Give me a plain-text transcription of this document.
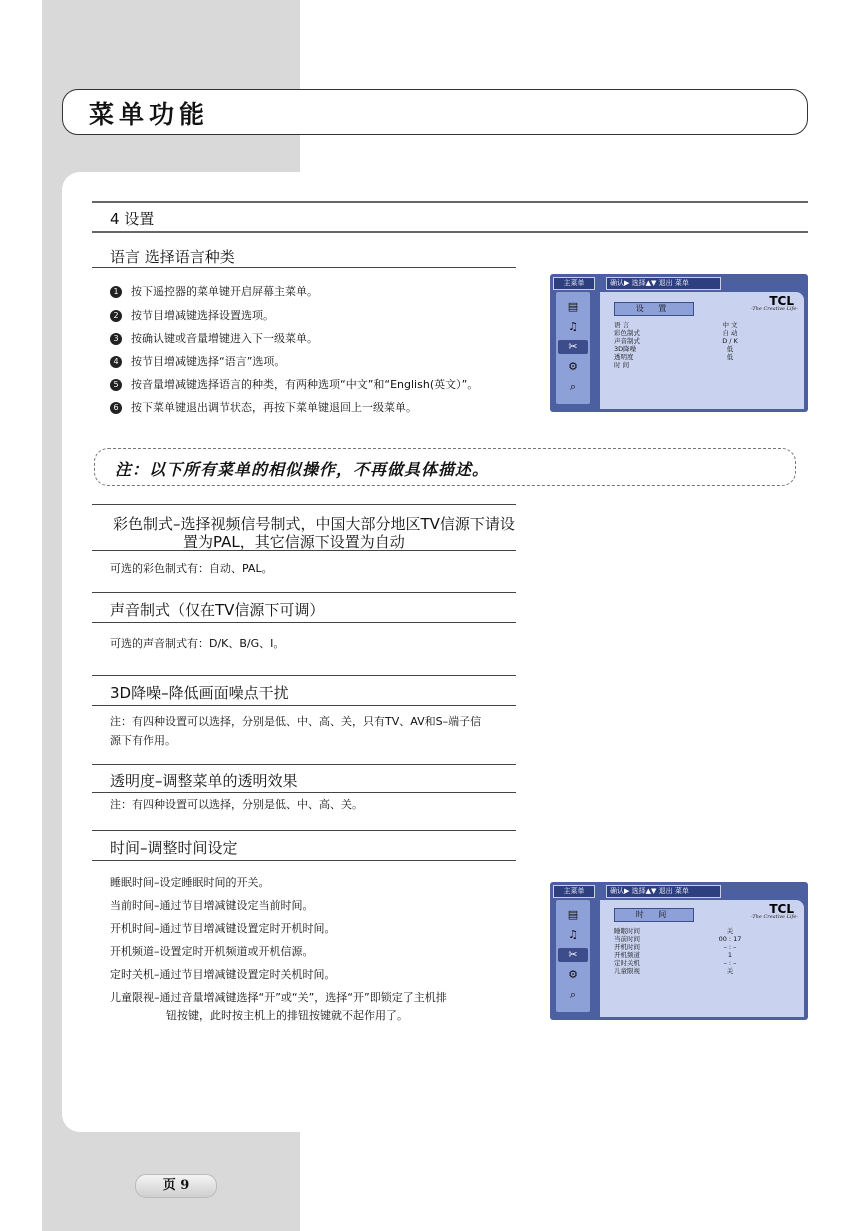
菜单功能
4 设置
语言 选择语言种类
1 按下遥控器的菜单键开启屏幕主菜单。
2 按节目增减键选择设置选项。
3 按确认键或音量增键进入下一级菜单。
4 按节目增减键选择“语言”选项。
5 按音量增减键选择语言的种类，有两种选项“中文”和“English(英文）”。
6 按下菜单键退出调节状态，再按下菜单键退回上一级菜单。
主菜单	确认▶ 选择▲▼ 退出 菜单
▤
♫
✂
⚙
⌕
TCL
-The Creative Life-
设 置
语 言	中 文
彩色制式	自 动
声音制式	D / K
3D降噪	低
透明度	低
时 间
注：以下所有菜单的相似操作，不再做具体描述。
彩色制式–选择视频信号制式，中国大部分地区TV信源下请设
置为PAL，其它信源下设置为自动
可选的彩色制式有：自动、PAL。
声音制式（仅在TV信源下可调）
可选的声音制式有：D/K、B/G、I。
3D降噪–降低画面噪点干扰
注：有四种设置可以选择，分别是低、中、高、关，只有TV、AV和S–端子信
源下有作用。
透明度–调整菜单的透明效果
注：有四种设置可以选择，分别是低、中、高、关。
时间–调整时间设定
睡眠时间–设定睡眠时间的开关。
当前时间–通过节目增减键设定当前时间。
开机时间–通过节目增减键设置定时开机时间。
开机频道–设置定时开机频道或开机信源。
定时关机–通过节目增减键设置定时关机时间。
儿童限视–通过音量增减键选择“开”或“关”，选择“开”即锁定了主机排
钮按键，此时按主机上的排钮按键就不起作用了。
主菜单	确认▶ 选择▲▼ 退出 菜单
▤
♫
✂
⚙
⌕
TCL
-The Creative Life-
时 间
睡眠时间	关
当前时间	00 : 17
开机时间	– : –
开机频道	1
定时关机	– : –
儿童限视	关
页 9
